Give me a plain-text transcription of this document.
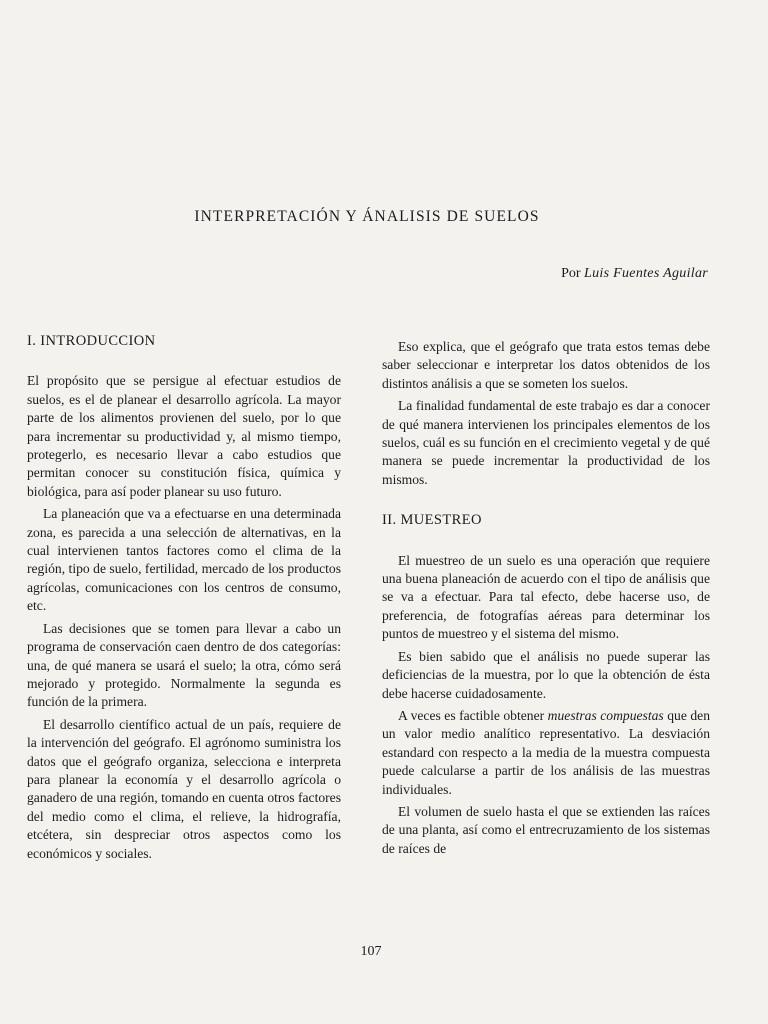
INTERPRETACIÓN Y ÁNALISIS DE SUELOS
Por Luis Fuentes Aguilar
I. INTRODUCCION

El propósito que se persigue al efectuar estudios de suelos, es el de planear el desarrollo agrícola. La mayor parte de los alimentos provienen del suelo, por lo que para incrementar su productividad y, al mismo tiempo, protegerlo, es necesario llevar a cabo estudios que permitan conocer su constitución física, química y biológica, para así poder planear su uso futuro.

La planeación que va a efectuarse en una determinada zona, es parecida a una selección de alternativas, en la cual intervienen tantos factores como el clima de la región, tipo de suelo, fertilidad, mercado de los productos agrícolas, comunicaciones con los centros de consumo, etc.

Las decisiones que se tomen para llevar a cabo un programa de conservación caen dentro de dos categorías: una, de qué manera se usará el suelo; la otra, cómo será mejorado y protegido. Normalmente la segunda es función de la primera.

El desarrollo científico actual de un país, requiere de la intervención del geógrafo. El agrónomo suministra los datos que el geógrafo organiza, selecciona e interpreta para planear la economía y el desarrollo agrícola o ganadero de una región, tomando en cuenta otros factores del medio como el clima, el relieve, la hidrografía, etcétera, sin despreciar otros aspectos como los económicos y sociales.

Eso explica, que el geógrafo que trata estos temas debe saber seleccionar e interpretar los datos obtenidos de los distintos análisis a que se someten los suelos.

La finalidad fundamental de este trabajo es dar a conocer de qué manera intervienen los principales elementos de los suelos, cuál es su función en el crecimiento vegetal y de qué manera se puede incrementar la productividad de los mismos.

II. MUESTREO

El muestreo de un suelo es una operación que requiere una buena planeación de acuerdo con el tipo de análisis que se va a efectuar. Para tal efecto, debe hacerse uso, de preferencia, de fotografías aéreas para determinar los puntos de muestreo y el sistema del mismo.

Es bien sabido que el análisis no puede superar las deficiencias de la muestra, por lo que la obtención de ésta debe hacerse cuidadosamente.

A veces es factible obtener muestras compuestas que den un valor medio analítico representativo. La desviación estandard con respecto a la media de la muestra compuesta puede calcularse a partir de los análisis de las muestras individuales.

El volumen de suelo hasta el que se extienden las raíces de una planta, así como el entrecruzamiento de los sistemas de raíces de

107
